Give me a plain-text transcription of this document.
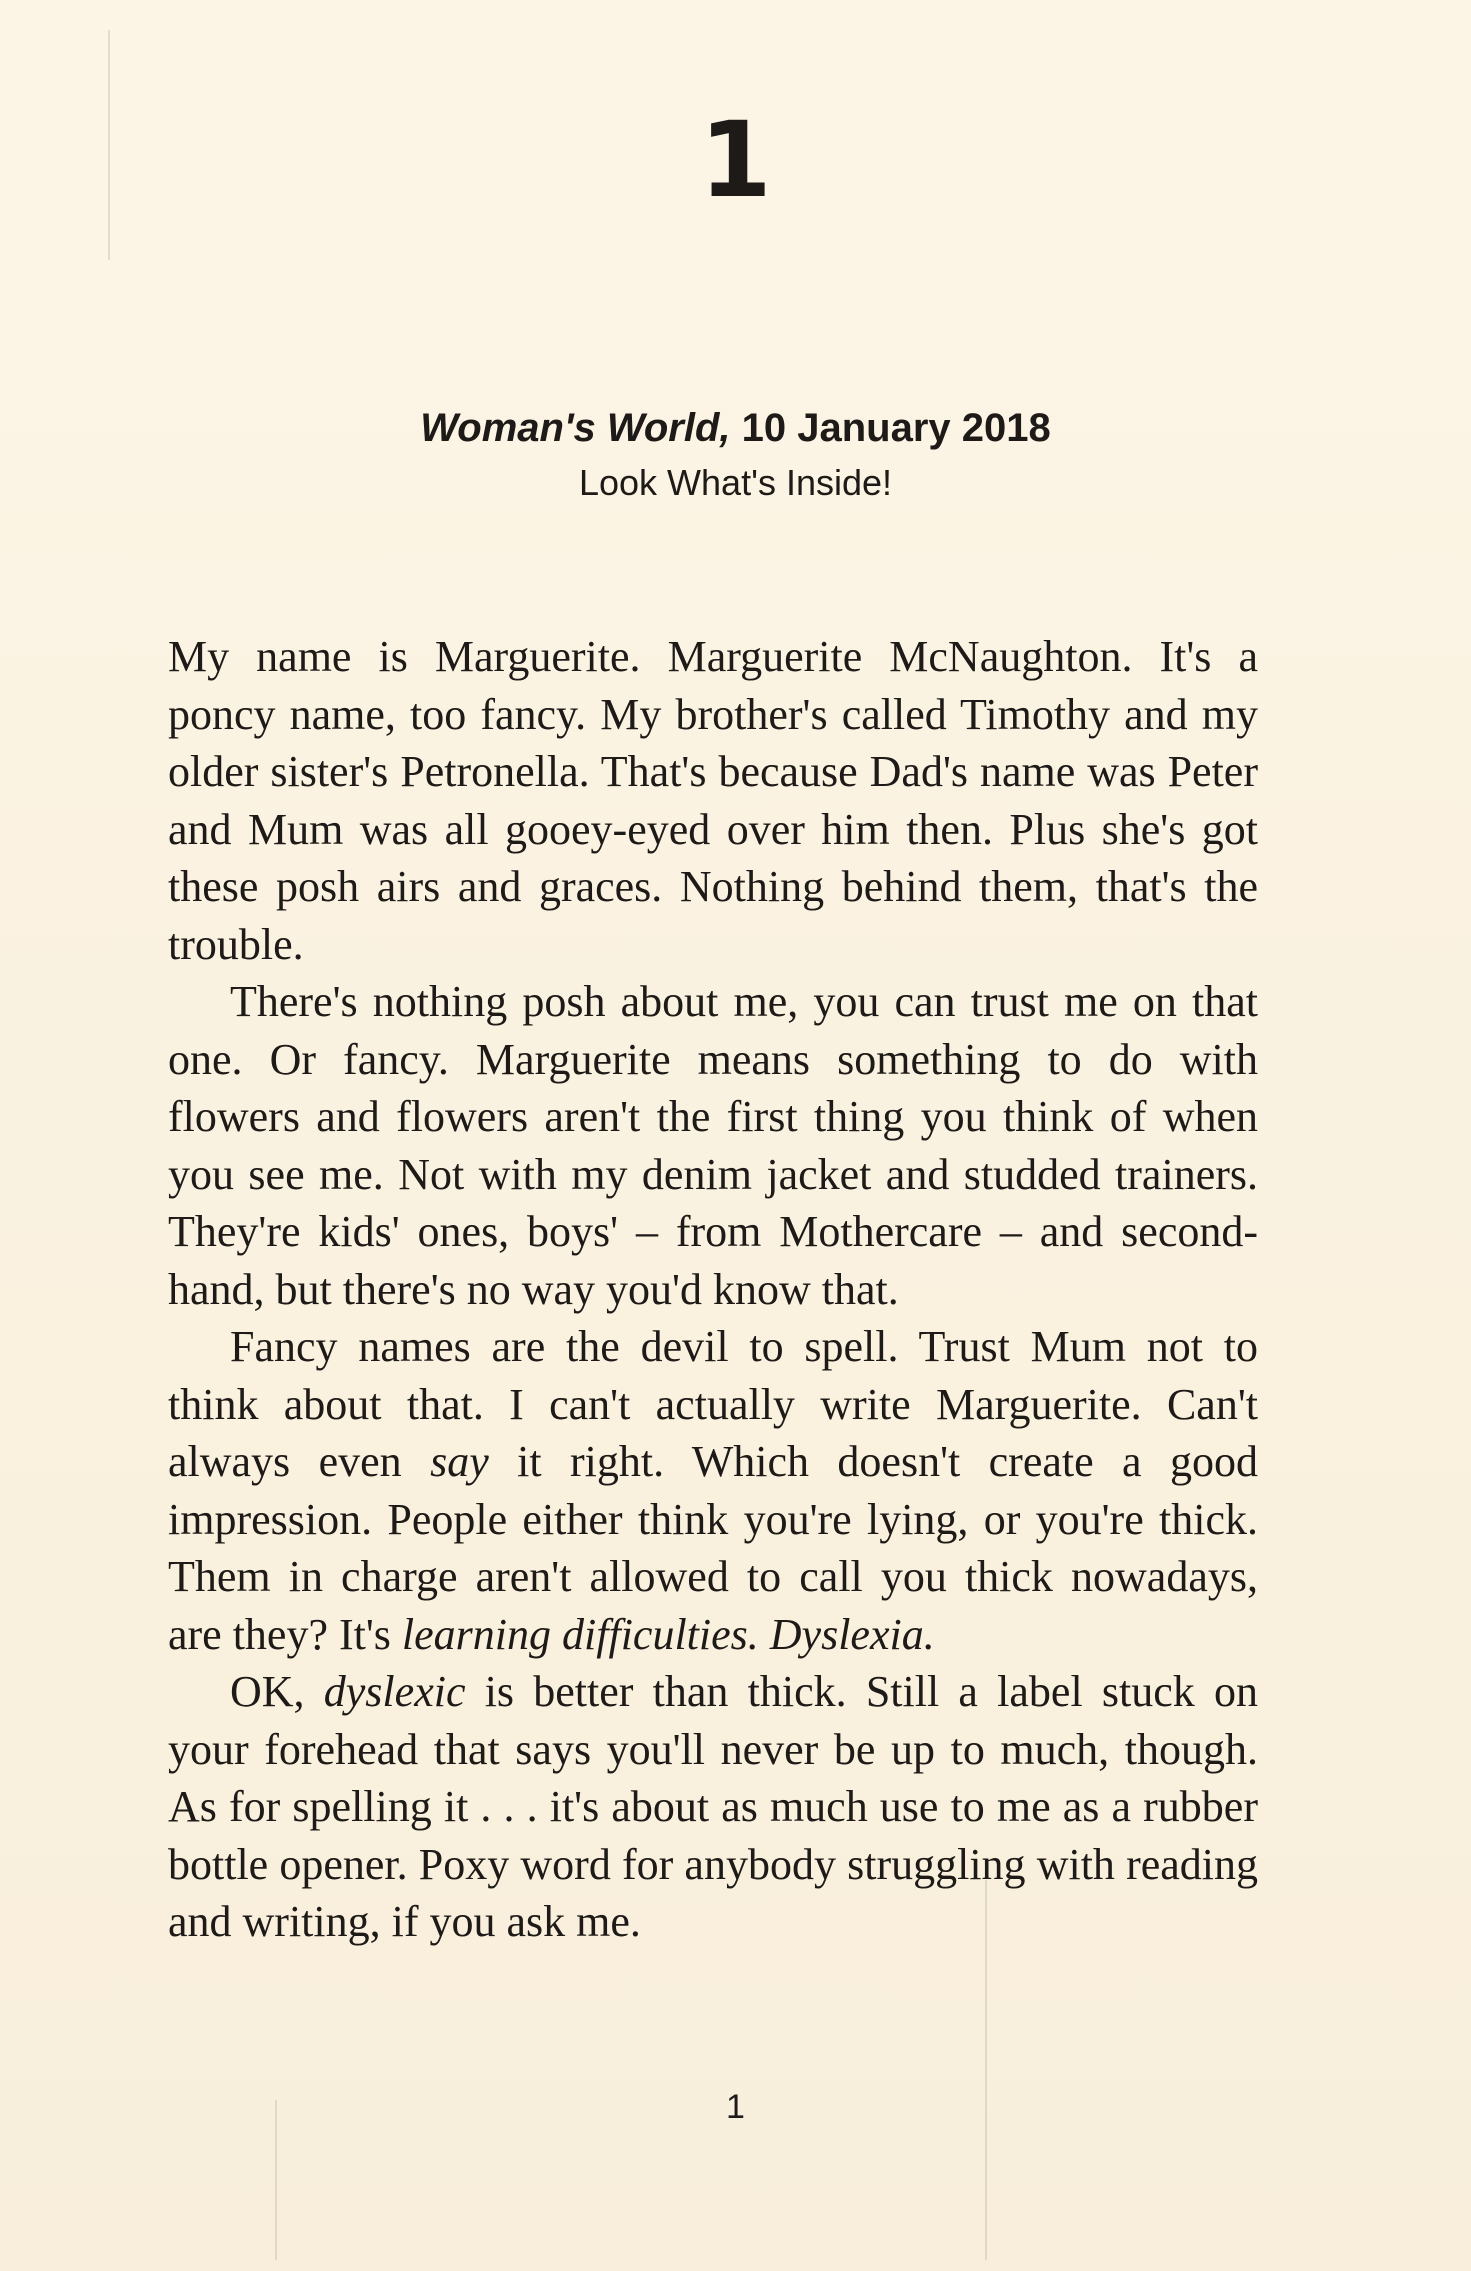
1
Woman's World, 10 January 2018
Look What's Inside!

My name is Marguerite. Marguerite McNaughton. It's a poncy name, too fancy. My brother's called Timothy and my older sister's Petronella. That's because Dad's name was Peter and Mum was all gooey-eyed over him then. Plus she's got these posh airs and graces. Nothing behind them, that's the trouble.

There's nothing posh about me, you can trust me on that one. Or fancy. Marguerite means something to do with flowers and flowers aren't the first thing you think of when you see me. Not with my denim jacket and studded trainers. They're kids' ones, boys' – from Mothercare – and second-hand, but there's no way you'd know that.

Fancy names are the devil to spell. Trust Mum not to think about that. I can't actually write Marguerite. Can't always even say it right. Which doesn't create a good impression. People either think you're lying, or you're thick. Them in charge aren't allowed to call you thick nowadays, are they? It's learning difficulties. Dyslexia.

OK, dyslexic is better than thick. Still a label stuck on your forehead that says you'll never be up to much, though. As for spelling it . . . it's about as much use to me as a rubber bottle opener. Poxy word for anybody struggling with reading and writing, if you ask me.

1
